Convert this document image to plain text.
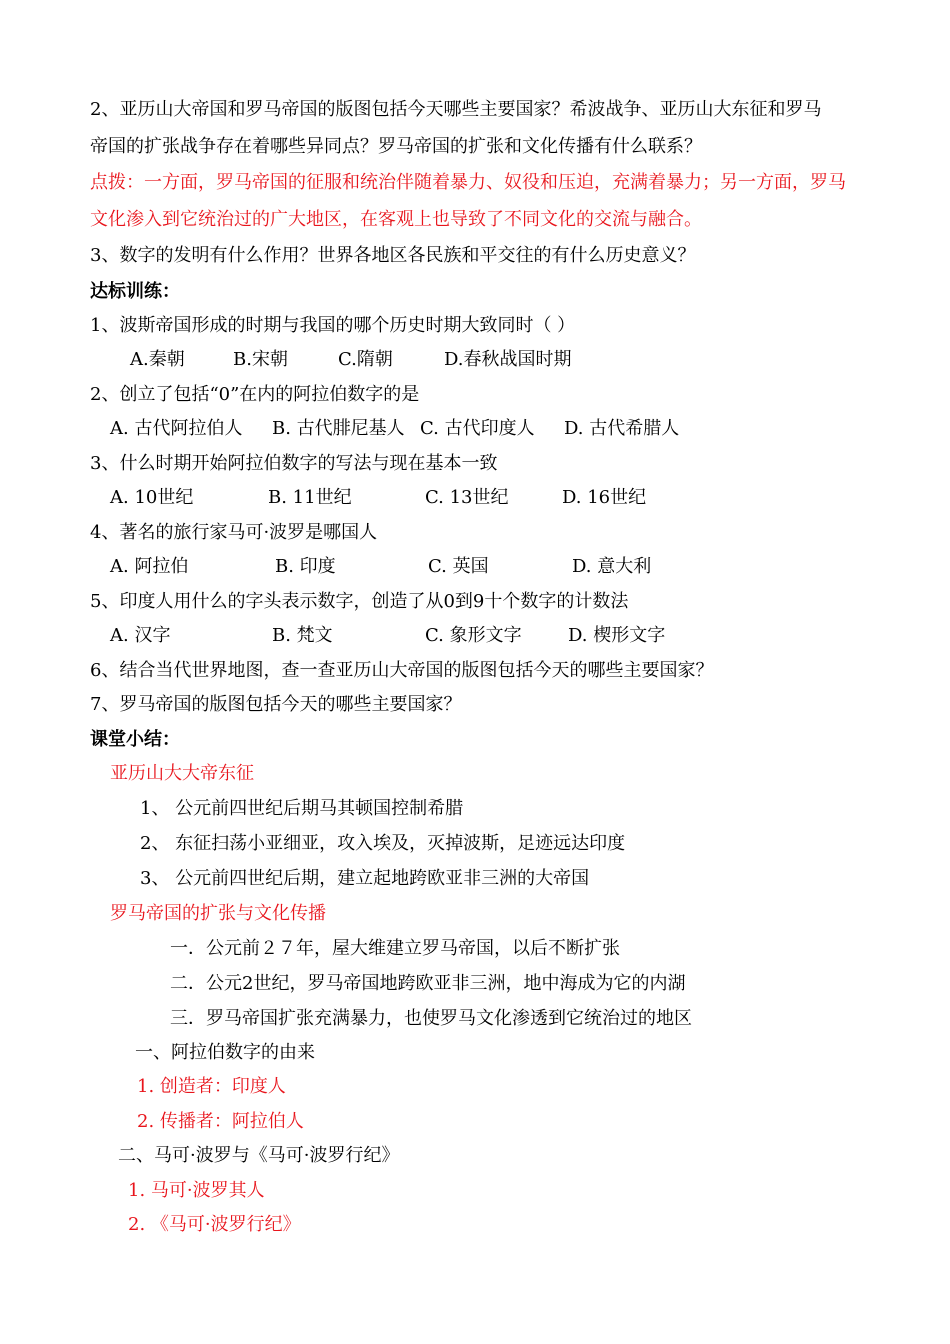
2、亚历山大帝国和罗马帝国的版图包括今天哪些主要国家？希波战争、亚历山大东征和罗马
帝国的扩张战争存在着哪些异同点？罗马帝国的扩张和文化传播有什么联系？
点拨：一方面，罗马帝国的征服和统治伴随着暴力、奴役和压迫，充满着暴力；另一方面，罗马
文化渗入到它统治过的广大地区，在客观上也导致了不同文化的交流与融合。
3、数字的发明有什么作用？世界各地区各民族和平交往的有什么历史意义？
达标训练：
1、波斯帝国形成的时期与我国的哪个历史时期大致同时（ ）
A.秦朝	B.宋朝	C.隋朝	D.春秋战国时期
2、创立了包括“0”在内的阿拉伯数字的是
A. 古代阿拉伯人 B. 古代腓尼基人 C. 古代印度人 D. 古代希腊人
3、什么时期开始阿拉伯数字的写法与现在基本一致
A. 10世纪	B. 11世纪	C. 13世纪	D. 16世纪
4、著名的旅行家马可·波罗是哪国人
A. 阿拉伯	B. 印度	C. 英国	D. 意大利
5、印度人用什么的字头表示数字，创造了从0到9十个数字的计数法
A. 汉字	B. 梵文	C. 象形文字	D. 楔形文字
6、结合当代世界地图，查一查亚历山大帝国的版图包括今天的哪些主要国家？
7、罗马帝国的版图包括今天的哪些主要国家？
课堂小结：
亚历山大大帝东征
1、 公元前四世纪后期马其顿国控制希腊
2、 东征扫荡小亚细亚，攻入埃及，灭掉波斯，足迹远达印度
3、 公元前四世纪后期，建立起地跨欧亚非三洲的大帝国
罗马帝国的扩张与文化传播
一．公元前２７年，屋大维建立罗马帝国，以后不断扩张
二．公元2世纪，罗马帝国地跨欧亚非三洲，地中海成为它的内湖
三．罗马帝国扩张充满暴力，也使罗马文化渗透到它统治过的地区
一、阿拉伯数字的由来
1. 创造者：印度人
2. 传播者：阿拉伯人
二、马可·波罗与《马可·波罗行纪》
1. 马可·波罗其人
2. 《马可·波罗行纪》
